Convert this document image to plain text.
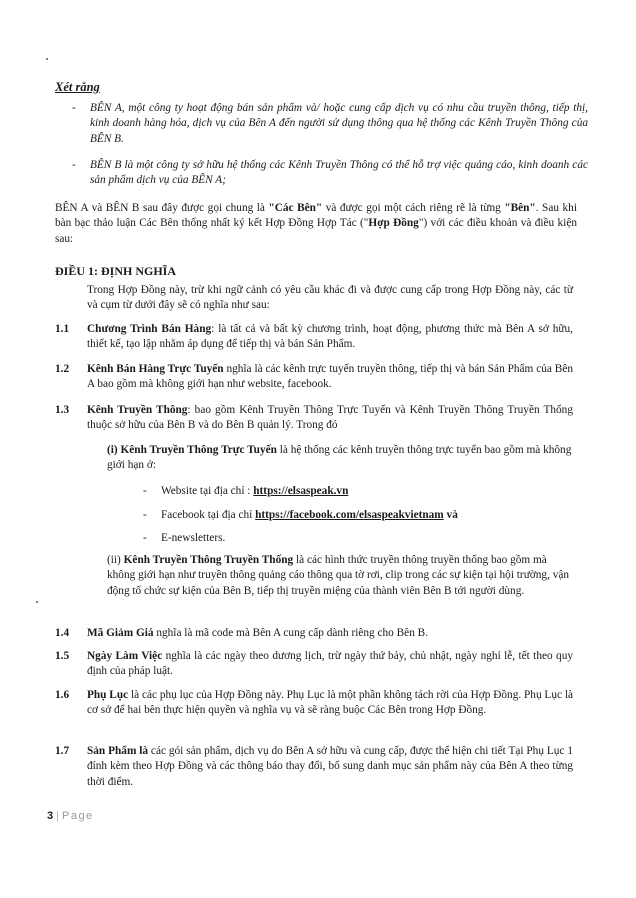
Xét rằng
- BÊN A, một công ty hoạt động bán sản phẩm và/ hoặc cung cấp dịch vụ có nhu cầu truyền thông, tiếp thị, kinh doanh hàng hóa, dịch vụ của Bên A đến người sử dụng thông qua hệ thống các Kênh Truyền Thông của BÊN B.
- BÊN B là một công ty sở hữu hệ thống các Kênh Truyền Thông có thể hỗ trợ việc quảng cáo, kinh doanh các sản phẩm dịch vụ của BÊN A;
BÊN A và BÊN B sau đây được gọi chung là "Các Bên" và được gọi một cách riêng rẽ là từng "Bên". Sau khi bàn bạc thảo luận Các Bên thống nhất ký kết Hợp Đồng Hợp Tác ("Hợp Đồng") với các điều khoản và điều kiện sau:
ĐIỀU 1: ĐỊNH NGHĨA
Trong Hợp Đồng này, trừ khi ngữ cảnh có yêu cầu khác đi và được cung cấp trong Hợp Đồng này, các từ và cụm từ dưới đây sẽ có nghĩa như sau:
1.1 Chương Trình Bán Hàng: là tất cả và bất kỳ chương trình, hoạt động, phương thức mà Bên A sở hữu, thiết kế, tạo lập nhằm áp dụng để tiếp thị và bán Sản Phẩm.
1.2 Kênh Bán Hàng Trực Tuyến nghĩa là các kênh trực tuyến truyền thông, tiếp thị và bán Sản Phẩm của Bên A bao gồm mà không giới hạn như website, facebook.
1.3 Kênh Truyền Thông: bao gồm Kênh Truyền Thông Trực Tuyến và Kênh Truyền Thông Truyền Thống thuộc sở hữu của Bên B và do Bên B quản lý. Trong đó
(i) Kênh Truyền Thông Trực Tuyến là hệ thống các kênh truyền thông trực tuyến bao gồm mà không giới hạn ở:
- Website tại địa chỉ : https://elsaspeak.vn
- Facebook tại địa chỉ https://facebook.com/elsaspeakvietnam và
- E-newsletters.
(ii) Kênh Truyền Thông Truyền Thống là các hình thức truyền thông truyền thống bao gồm mà không giới hạn như truyền thông quảng cáo thông qua tờ rơi, clip trong các sự kiện tại hội trường, vận động tổ chức sự kiện của Bên B, tiếp thị truyền miệng của thành viên Bên B tới người dùng.
1.4 Mã Giảm Giá nghĩa là mã code mà Bên A cung cấp dành riêng cho Bên B.
1.5 Ngày Làm Việc nghĩa là các ngày theo dương lịch, trừ ngày thứ bảy, chủ nhật, ngày nghỉ lễ, tết theo quy định của pháp luật.
1.6 Phụ Lục là các phụ lục của Hợp Đồng này. Phụ Lục là một phần không tách rời của Hợp Đồng. Phụ Lục là cơ sở để hai bên thực hiện quyền và nghĩa vụ và sẽ ràng buộc Các Bên trong Hợp Đồng.
1.7 Sản Phẩm là các gói sản phẩm, dịch vụ do Bên A sở hữu và cung cấp, được thể hiện chi tiết Tại Phụ Lục 1 đính kèm theo Hợp Đồng và các thông báo thay đổi, bổ sung danh mục sản phẩm này của Bên A theo từng thời điểm.
3 | Page
